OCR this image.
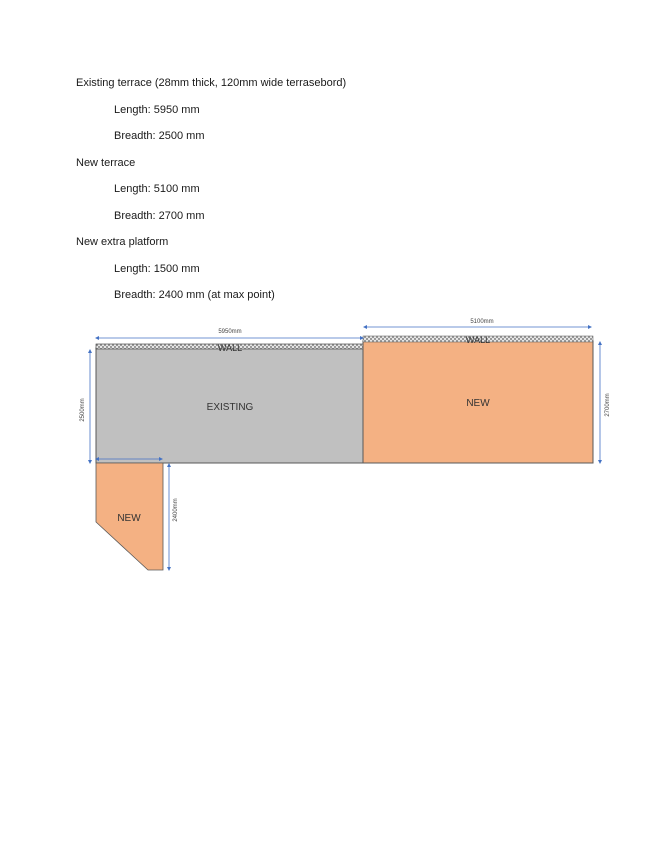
Existing terrace (28mm thick, 120mm wide terrasebord)
Length: 5950 mm
Breadth: 2500 mm
New terrace
Length: 5100 mm
Breadth: 2700 mm
New extra platform
Length: 1500 mm
Breadth: 2400 mm (at max point)
WALL
EXISTING
WALL
NEW
NEW
5950mm
5100mm
2500mm	2700mm
2400mm
